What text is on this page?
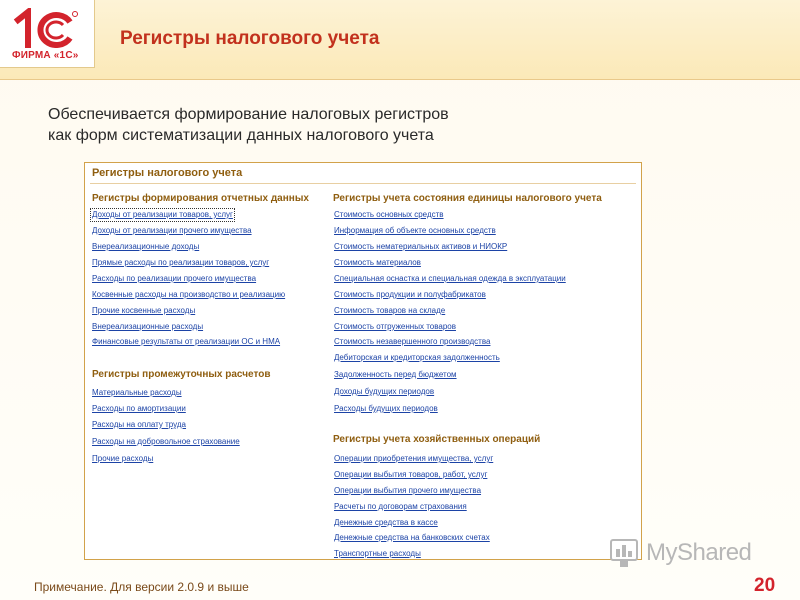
ФИРМА «1С»
Регистры налогового учета
Обеспечивается формирование налоговых регистров
как форм систематизации данных налогового учета
Регистры налогового учета
Регистры формирования отчетных данных
Доходы от реализации товаров, услуг
Доходы от реализации прочего имущества
Внереализационные доходы
Прямые расходы по реализации товаров, услуг
Расходы по реализации прочего имущества
Косвенные расходы на производство и реализацию
Прочие косвенные расходы
Внереализационные расходы
Финансовые результаты от реализации ОС и НМА
Регистры промежуточных расчетов
Материальные расходы
Расходы по амортизации
Расходы на оплату труда
Расходы на добровольное страхование
Прочие расходы
Регистры учета состояния единицы налогового учета
Стоимость основных средств
Информация об объекте основных средств
Стоимость нематериальных активов и НИОКР
Стоимость материалов
Специальная оснастка и специальная одежда в эксплуатации
Стоимость продукции и полуфабрикатов
Стоимость товаров на складе
Стоимость отгруженных товаров
Стоимость незавершенного производства
Дебиторская и кредиторская задолженность
Задолженность перед бюджетом
Доходы будущих периодов
Расходы будущих периодов
Регистры учета хозяйственных операций
Операции приобретения имущества, услуг
Операции выбытия товаров, работ, услуг
Операции выбытия прочего имущества
Расчеты по договорам страхования
Денежные средства в кассе
Денежные средства на банковских счетах
Транспортные расходы	MyShared
Примечание. Для версии 2.0.9 и выше	20
